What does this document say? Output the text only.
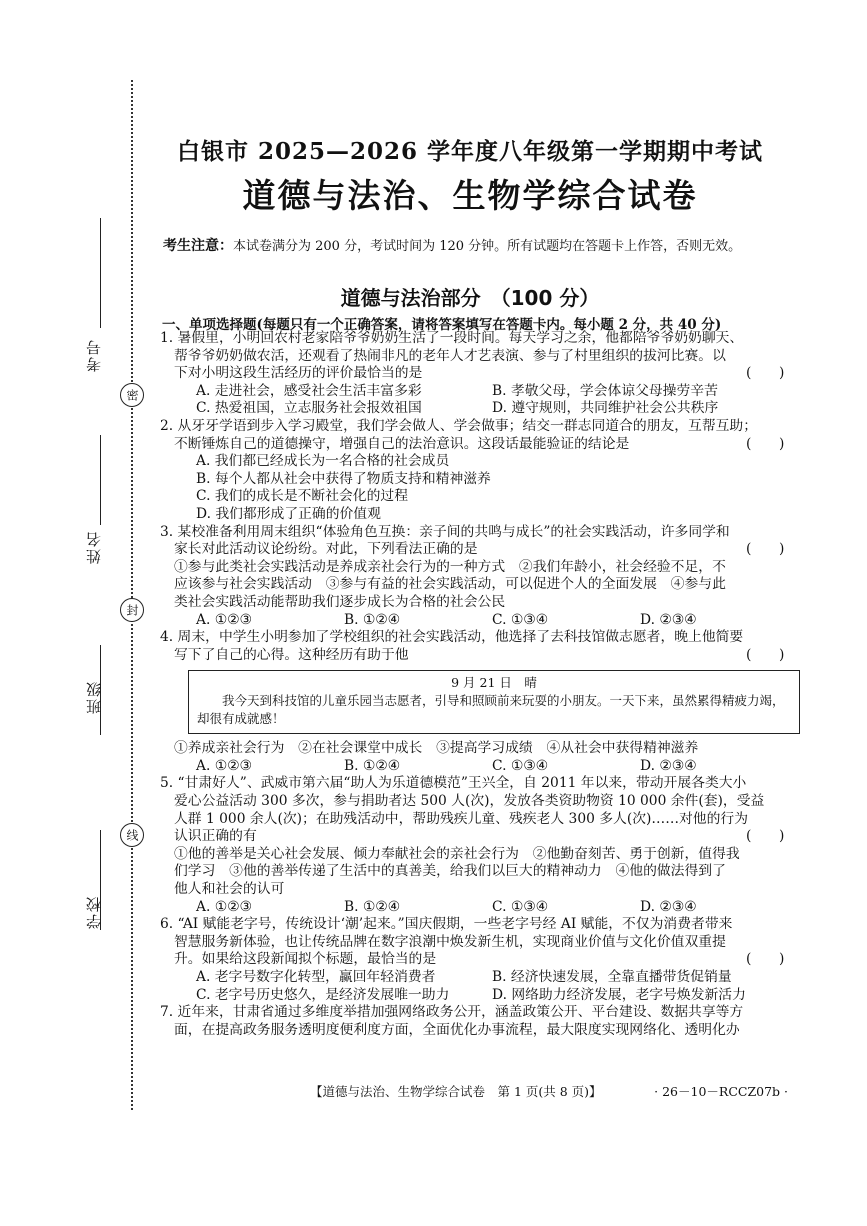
密
封
线
考号
姓名
班级
学校
白银市 2025—2026 学年度八年级第一学期期中考试
道德与法治、生物学综合试卷
考生注意：本试卷满分为 200 分，考试时间为 120 分钟。所有试题均在答题卡上作答，否则无效。
道德与法治部分　（100 分）
一、单项选择题(每题只有一个正确答案，请将答案填写在答题卡内。每小题 2 分，共 40 分)
1. 暑假里，小明回农村老家陪爷爷奶奶生活了一段时间。每天学习之余，他都陪爷爷奶奶聊天、
帮爷爷奶奶做农活，还观看了热闹非凡的老年人才艺表演、参与了村里组织的拔河比赛。以
(　　)
下对小明这段生活经历的评价最恰当的是
A. 走进社会，感受社会生活丰富多彩	B. 孝敬父母，学会体谅父母操劳辛苦
C. 热爱祖国，立志服务社会报效祖国	D. 遵守规则，共同维护社会公共秩序
2. 从牙牙学语到步入学习殿堂，我们学会做人、学会做事；结交一群志同道合的朋友，互帮互助；
(　　)
不断锤炼自己的道德操守，增强自己的法治意识。这段话最能验证的结论是
A. 我们都已经成长为一名合格的社会成员
B. 每个人都从社会中获得了物质支持和精神滋养
C. 我们的成长是不断社会化的过程
D. 我们都形成了正确的价值观
3. 某校准备利用周末组织“体验角色互换：亲子间的共鸣与成长”的社会实践活动，许多同学和
(　　)
家长对此活动议论纷纷。对此，下列看法正确的是
①参与此类社会实践活动是养成亲社会行为的一种方式　②我们年龄小，社会经验不足，不
应该参与社会实践活动　③参与有益的社会实践活动，可以促进个人的全面发展　④参与此
类社会实践活动能帮助我们逐步成长为合格的社会公民
A. ①②③	B. ①②④	C. ①③④	D. ②③④
4. 周末，中学生小明参加了学校组织的社会实践活动，他选择了去科技馆做志愿者，晚上他简要
(　　)
写下了自己的心得。这种经历有助于他
9 月 21 日　晴
我今天到科技馆的儿童乐园当志愿者，引导和照顾前来玩耍的小朋友。一天下来，虽然累得精疲力竭，却很有成就感！
①养成亲社会行为　②在社会课堂中成长　③提高学习成绩　④从社会中获得精神滋养
A. ①②③	B. ①②④	C. ①③④	D. ②③④
5. “甘肃好人”、武威市第六届“助人为乐道德模范”王兴全，自 2011 年以来，带动开展各类大小
爱心公益活动 300 多次，参与捐助者达 500 人(次)，发放各类资助物资 10 000 余件(套)，受益
人群 1 000 余人(次)；在助残活动中，帮助残疾儿童、残疾老人 300 多人(次)……对他的行为
(　　)
认识正确的有
①他的善举是关心社会发展、倾力奉献社会的亲社会行为　②他勤奋刻苦、勇于创新，值得我
们学习　③他的善举传递了生活中的真善美，给我们以巨大的精神动力　④他的做法得到了
他人和社会的认可
A. ①②③	B. ①②④	C. ①③④	D. ②③④
6. “AI 赋能老字号，传统设计‘潮’起来。”国庆假期，一些老字号经 AI 赋能，不仅为消费者带来
智慧服务新体验，也让传统品牌在数字浪潮中焕发新生机，实现商业价值与文化价值双重提
(　　)
升。如果给这段新闻拟个标题，最恰当的是
A. 老字号数字化转型，赢回年轻消费者	B. 经济快速发展，全靠直播带货促销量
C. 老字号历史悠久，是经济发展唯一助力	D. 网络助力经济发展，老字号焕发新活力
7. 近年来，甘肃省通过多维度举措加强网络政务公开，涵盖政策公开、平台建设、数据共享等方
面，在提高政务服务透明度便利度方面，全面优化办事流程，最大限度实现网络化、透明化办
【道德与法治、生物学综合试卷　第 1 页(共 8 页)】	· 26－10－RCCZ07b ·
